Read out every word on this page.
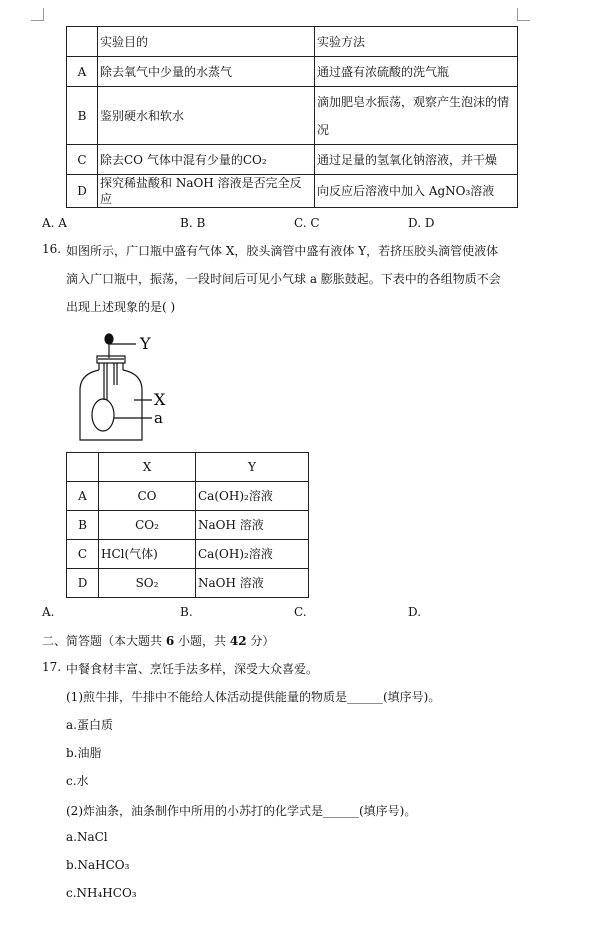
	实验目的	实验方法
A	除去氧气中少量的水蒸气	通过盛有浓硫酸的洗气瓶
B	鉴别硬水和软水	滴加肥皂水振荡，观察产生泡沫的情况
C	除去CO 气体中混有少量的CO₂	通过足量的氢氧化钠溶液，并干燥
D	探究稀盐酸和 NaOH 溶液是否完全反应	向反应后溶液中加入 AgNO₃溶液
A. A	B. B	C. C	D. D
16. 如图所示，广口瓶中盛有气体 X，胶头滴管中盛有液体 Y，若挤压胶头滴管使液体
滴入广口瓶中，振荡，一段时间后可见小气球 a 膨胀鼓起。下表中的各组物质不会
出现上述现象的是( )
Y
X
a
	X	Y
A	CO	Ca(OH)₂溶液
B	CO₂	NaOH 溶液
C	HCl(气体)	Ca(OH)₂溶液
D	SO₂	NaOH 溶液
A.	B.	C.	D.
二、简答题（本大题共 6 小题，共 42 分）
17. 中餐食材丰富、烹饪手法多样，深受大众喜爱。
(1)煎牛排，牛排中不能给人体活动提供能量的物质是______(填序号)。
a.蛋白质
b.油脂
c.水
(2)炸油条，油条制作中所用的小苏打的化学式是______(填序号)。
a.NaCl
b.NaHCO₃
c.NH₄HCO₃
